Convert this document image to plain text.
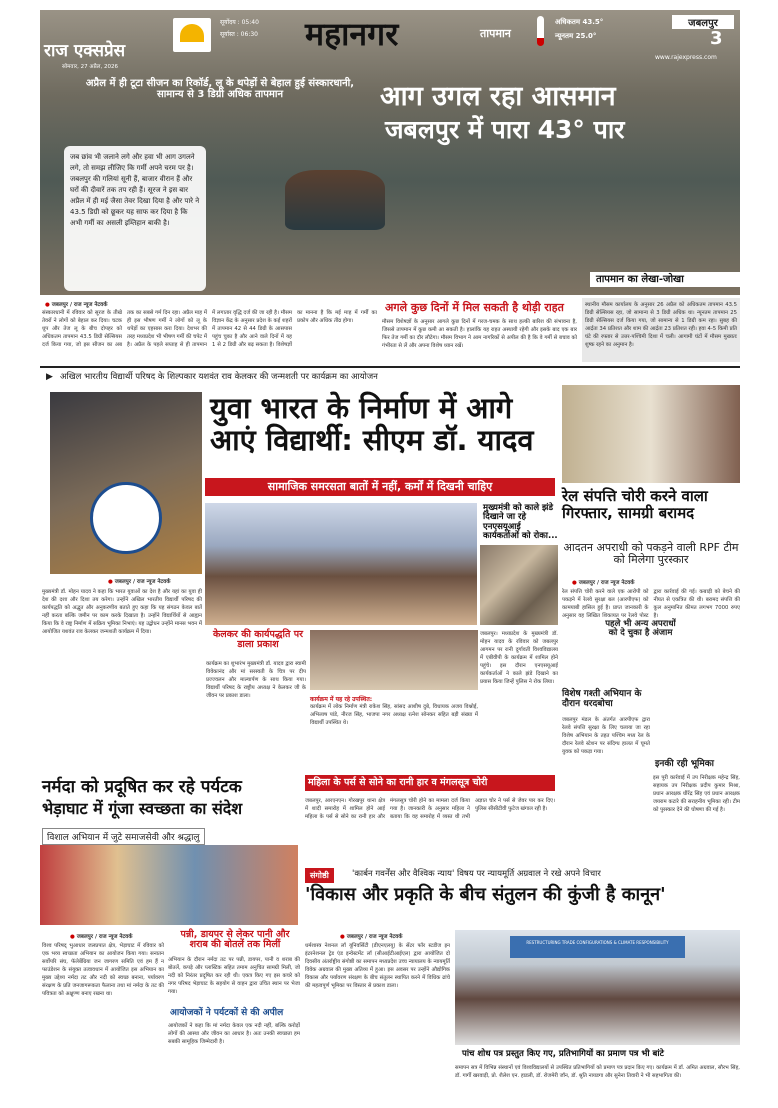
राज एक्सप्रेस
सोमवार, 27 अप्रैल, 2026
सूर्योदय : 05:40
सूर्यास्त : 06:30 महानगर	तापमान
अधिकतम 43.5°
न्यूनतम 25.0°
जबलपुर
3
www.rajexpress.com
अप्रैल में ही टूटा सीजन का रिकॉर्ड, लू के थपेड़ों से बेहाल हुई संस्कारधानी, सामान्य से 3 डिग्री अधिक तापमान	आग उगल रहा आसमान
जबलपुर में पारा 43° पार
जब छांव भी जलाने लगे और हवा भी आग उगलने लगे, तो समझ लीजिए कि गर्मी अपने चरम पर है। जबलपुर की गलियां सूनी हैं, बाजार वीरान हैं और घरों की दीवारें तक तप रही हैं। सूरज ने इस बार अप्रैल में ही मई जैसा तेवर दिखा दिया है और पारे ने 43.5 डिग्री को छूकर यह साफ कर दिया है कि अभी गर्मी का असली इम्तिहान बाकी है।
तापमान का लेखा-जोखा
● जबलपुर / राज न्यूज नेटवर्क
संस्कारधानी में रविवार को सूरज के तीखे तेवरों ने लोगों को बेहाल कर दिया। चटक धूप और तेज लू के बीच दोपहर को अधिकतम तापमान 43.5 डिग्री सेल्सियस दर्ज किया गया, जो इस सीजन का अब तक का सबसे गर्म दिन रहा। अप्रैल माह में ही इस भीषण गर्मी ने लोगों को लू के थपेड़ों का एहसास करा दिया। देशभर की तरह मध्यप्रदेश भी भीषण गर्मी की चपेट में है। अप्रैल के पहले सप्ताह से ही तापमान में लगातार वृद्धि दर्ज की जा रही है। मौसम विज्ञान केंद्र के अनुसार प्रदेश के कई शहरों में तापमान 42 से 44 डिग्री के आसपास पहुंच चुका है और आने वाले दिनों में यह 1 से 2 डिग्री और बढ़ सकता है। विशेषज्ञों का मानना है कि मई माह में गर्मी का प्रकोप और अधिक तीव्र होगा।
अगले कुछ दिनों में मिल सकती है थोड़ी राहत
मौसम विशेषज्ञों के अनुसार आगले कुछ दिनों में गरज-चमक के साथ हल्की बारिश की संभावना है, जिससे तापमान में कुछ कमी आ सकती है। हालांकि यह राहत अस्थायी रहेगी और इसके बाद एक बार फिर तेज गर्मी का दौर लौटेगा। मौसम विभाग ने आम नागरिकों से अपील की है कि वे गर्मी से बचाव को गंभीरता से लें और अपना विशेष ध्यान रखें।
स्थानीय मौसम कार्यालय के अनुसार 26 अप्रैल को अधिकतम तापमान 43.5 डिग्री सेल्सियस रहा, जो सामान्य से 3 डिग्री अधिक था। न्यूनतम तापमान 25 डिग्री सेल्सियस दर्ज किया गया, जो सामान्य से 1 डिग्री कम रहा। सुबह की आर्द्रता 34 प्रतिशत और शाम की आर्द्रता 23 प्रतिशत रही। हवा 4-5 किमी प्रति घंटे की रफ्तार से उत्तर-पश्चिमी दिशा में चली। आगामी घंटों में मौसम मुख्यतः शुष्क रहने का अनुमान है।
▶ अखिल भारतीय विद्यार्थी परिषद के शिल्पकार यशवंत राव केलकर की जन्मशती पर कार्यक्रम का आयोजन
● जबलपुर / राज न्यूज नेटवर्क
युवा भारत के निर्माण में आगे आएं विद्यार्थी: सीएम डॉ. यादव
सामाजिक समरसता बातों में नहीं, कर्मों में दिखनी चाहिए
मुख्यमंत्री को काले झंडे दिखाने जा रहे एनएसयूआई कार्यकर्ताओं को रोका...
मुख्यमंत्री डॉ. मोहन यादव ने कहा कि भारत युवाओं का देश है और यहां का युवा ही देश की दशा और दिशा तय करेगा। उन्होंने अखिल भारतीय विद्यार्थी परिषद की कार्यपद्धति को अद्भुत और अनुकरणीय बताते हुए कहा कि यह संगठन केवल बातें नहीं करता बल्कि जमीन पर काम करके दिखाता है। उन्होंने विद्यार्थियों से आह्वान किया कि वे राष्ट्र निर्माण में सक्रिय भूमिका निभाएं। यह उद्बोधन उन्होंने मानस भवन में आयोजित यशवंत राव केलकर जन्मशती कार्यक्रम में दिया।	केलकर की कार्यपद्धति पर डाला प्रकाश
कार्यक्रम का शुभारंभ मुख्यमंत्री डॉ. यादव द्वारा स्वामी विवेकानंद और मां सरस्वती के चित्र पर दीप प्रज्ज्वलन और माल्यार्पण के साथ किया गया। विद्यार्थी परिषद के राष्ट्रीय अध्यक्ष ने केलकर जी के जीवन पर प्रकाश डाला।	कार्यक्रम में यह रहे उपस्थित:
कार्यक्रम में लोक निर्माण मंत्री राकेश सिंह, सांसद आशीष दुबे, विधायक अजय विश्नोई, अभिलाष पांडे, नीरज सिंह, भाजपा नगर अध्यक्ष रत्नेश सोनकर सहित बड़ी संख्या में विद्यार्थी उपस्थित थे।
जबलपुर। मध्यप्रदेश के मुख्यमंत्री डॉ. मोहन यादव के रविवार को जबलपुर आगमन पर रानी दुर्गावती विश्वविद्यालय में एबीवीपी के कार्यक्रम में शामिल होने पहुंचे। इस दौरान एनएसयूआई कार्यकर्ताओं ने काले झंडे दिखाने का प्रयास किया जिन्हें पुलिस ने रोक लिया।
रेल संपत्ति चोरी करने वाला गिरफ्तार, सामग्री बरामद
आदतन अपराधी को पकड़ने वाली RPF टीम को मिलेगा पुरस्कार
● जबलपुर / राज न्यूज नेटवर्क
रेल संपत्ति चोरी करने वाले एक आरोपी को पकड़ने में रेलवे सुरक्षा बल (आरपीएफ) को कामयाबी हासिल हुई है। प्राप्त जानकारी के अनुसार वह लिखित शिकायत पर रेलवे पोस्ट द्वारा कार्रवाई की गई। कबाड़ी को बेचने की नीयत से एकत्रित की थी। बरामद संपत्ति की कुल अनुमानित कीमत लगभग 7000 रुपए है।
पहले भी अन्य अपराधों को दे चुका है अंजाम
विशेष गश्ती अभियान के दौरान धरदबोचा
जबलपुर मंडल के अंतर्गत आरपीएफ द्वारा रेलवे संपत्ति सुरक्षा के लिए चलाया जा रहा विशेष अभियान के तहत पश्चिम मध्य रेल के दौरान रेलवे स्टेशन पर संदिग्ध हालत में घूमते युवक को पकड़ा गया।
इनकी रही भूमिका
इस पूरी कार्रवाई में उप निरीक्षक महेन्द्र सिंह, सहायक उप निरीक्षक प्रदीप कुमार मिश्रा, प्रधान आरक्षक धीरेंद्र सिंह एवं प्रधान आरक्षक जयराम कटारे की सराहनीय भूमिका रही। टीम को पुरस्कार देने की घोषणा की गई है।
महिला के पर्स से सोने का रानी हार व मंगलसूत्र चोरी
जबलपुर, आरएनएन। गोरखपुर थाना क्षेत्र में शादी समारोह में शामिल होने आई महिला के पर्स से सोने का रानी हार और मंगलसूत्र चोरी होने का मामला दर्ज किया गया है। जानकारी के अनुसार महिला ने बताया कि वह समारोह में व्यस्त थी तभी अज्ञात चोर ने पर्स से जेवर पार कर दिए। पुलिस सीसीटीवी फुटेज खंगाल रही है।
नर्मदा को प्रदूषित कर रहे पर्यटक
भेड़ाघाट में गूंजा स्वच्छता का संदेश
विशाल अभियान में जुटे समाजसेवी और श्रद्धालु
● जबलपुर / राज न्यूज नेटवर्क
विश्व परिषद् भुआधार जलप्रपात क्षेत्र, भेड़ाघाट में रविवार को एक भव्य स्वच्छता अभियान का आयोजन किया गया। सनातन सर्वोपरि संघ, फॅलेबेंग्रिया जन जागरण समिति एवं हम हैं न फाउंडेशन के संयुक्त तत्वावधान में आयोजित इस अभियान का मुख्य उद्देश्य नर्मदा तट और नदी को स्वच्छ बनाना, पर्यावरण संरक्षण के प्रति जनजागरूकता फैलाना तथा मां नर्मदा के तट की पवित्रता को अक्षुण्ण बनाए रखना था।
पन्नी, डायपर से लेकर पानी और शराब की बोतलें तक मिलीं
अभियान के दौरान नर्मदा तट पर पन्नी, डायपर, पानी व शराब की बोतलें, कपड़े और प्लास्टिक सहित तमाम अनुचित सामग्री मिली, जो नदी को निरंतर प्रदूषित कर रही थी। एकत्र किए गए इस कचरे को नगर परिषद भेड़ाघाट के सहयोग से वाहन द्वारा उचित स्थान पर भेजा गया।
आयोजकों ने पर्यटकों से की अपील
आयोजकों ने कहा कि मां नर्मदा केवल एक नदी नहीं, बल्कि करोड़ों लोगों की आस्था और जीवन का आधार है। अतः उनकी स्वच्छता हम सबकी सामूहिक जिम्मेदारी है।
संगोष्ठी	'कार्बन गवर्नेंस और वैश्विक न्याय' विषय पर न्यायमूर्ति अग्रवाल ने रखे अपने विचार
'विकास और प्रकृति के बीच संतुलन की कुंजी है कानून'
● जबलपुर / राज न्यूज नेटवर्क
धर्मशास्त्र नेशनल लॉ यूनिवर्सिटी (डीएनएलयू) के सेंटर फॉर स्टडीज इन इंटरनेशनल ट्रेड एंड इन्वेस्टमेंट लॉ (सीआईटीआईएल) द्वारा आयोजित दो दिवसीय अंतर्राष्ट्रीय संगोष्ठी का समापन मध्यप्रदेश उच्च न्यायालय के न्यायमूर्ति विवेक अग्रवाल की मुख्य अतिथ्य में हुआ। इस अवसर पर उन्होंने औद्योगिक विकास और पर्यावरण संरक्षण के बीच संतुलन स्थापित करने में विधिक ढांचे की महत्वपूर्ण भूमिका पर विस्तार से प्रकाश डाला।
RESTRUCTURING TRADE CONFIGURATIONS & CLIMATE RESPONSIBILITY
पांच शोध पत्र प्रस्तुत किए गए, प्रतिभागियों का प्रमाण पत्र भी बांटे
समापन सत्र में विभिन्न संस्थानों एवं विश्वविद्यालयों से उपस्थित प्रतिभागियों को प्रमाण पत्र प्रदान किए गए। कार्यक्रम में डॉ. अमित अग्रवाल, सौरभ सिंह, डॉ. गार्गी खरवाड़ी, प्रो. शैलेश एन. हाडली, डॉ. रोजमेरी जॉन, डॉ. श्रुति नायडगा और सुनेना तिवारी ने भी सहभागिता की।
